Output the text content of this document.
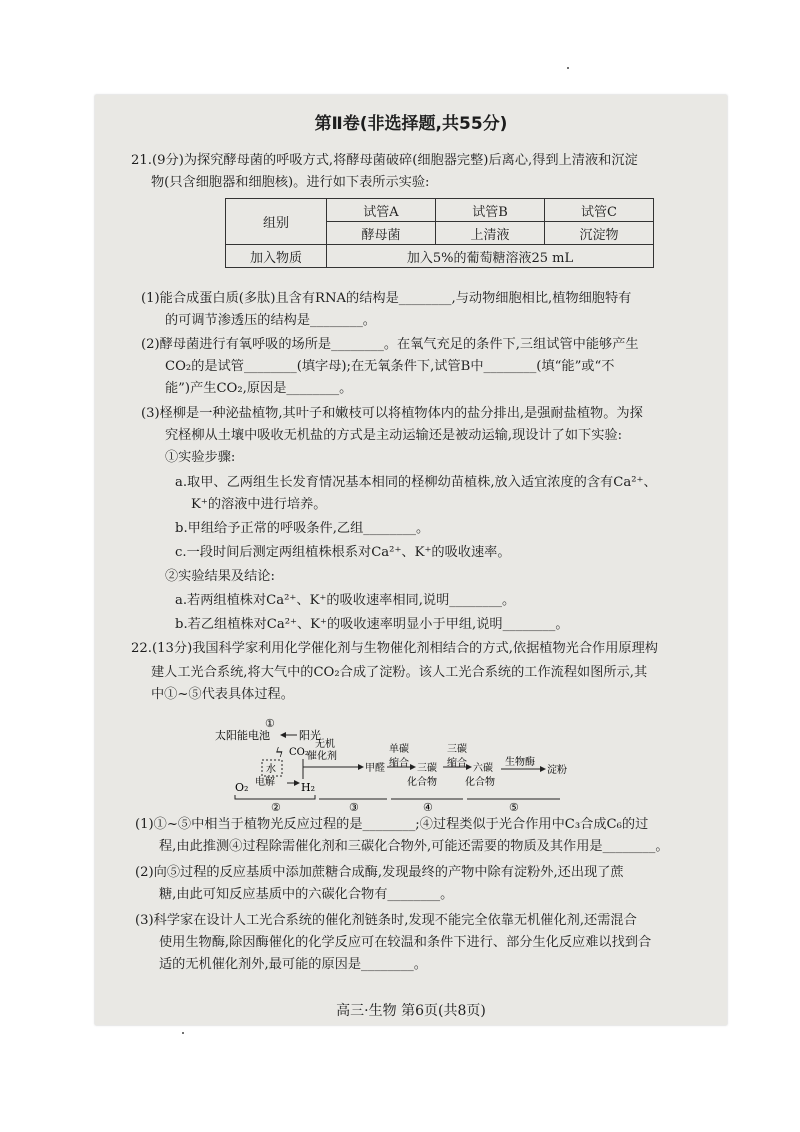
第Ⅱ卷(非选择题,共55分)
21.(9分)为探究酵母菌的呼吸方式,将酵母菌破碎(细胞器完整)后离心,得到上清液和沉淀
物(只含细胞器和细胞核)。进行如下表所示实验:
组别	试管A	试管B	试管C
	酵母菌	上清液	沉淀物
加入物质	加入5%的葡萄糖溶液25 mL		
(1)能合成蛋白质(多肽)且含有RNA的结构是________,与动物细胞相比,植物细胞特有
的可调节渗透压的结构是________。
(2)酵母菌进行有氧呼吸的场所是________。在氧气充足的条件下,三组试管中能够产生
CO₂的是试管________(填字母);在无氧条件下,试管B中________(填“能”或“不
能”)产生CO₂,原因是________。
(3)柽柳是一种泌盐植物,其叶子和嫩枝可以将植物体内的盐分排出,是强耐盐植物。为探
究柽柳从土壤中吸收无机盐的方式是主动运输还是被动运输,现设计了如下实验:
①实验步骤:
a.取甲、乙两组生长发育情况基本相同的柽柳幼苗植株,放入适宜浓度的含有Ca²⁺、
K⁺的溶液中进行培养。
b.甲组给予正常的呼吸条件,乙组________。
c.一段时间后测定两组植株根系对Ca²⁺、K⁺的吸收速率。
②实验结果及结论:
a.若两组植株对Ca²⁺、K⁺的吸收速率相同,说明________。
b.若乙组植株对Ca²⁺、K⁺的吸收速率明显小于甲组,说明________。
22.(13分)我国科学家利用化学催化剂与生物催化剂相结合的方式,依据植物光合作用原理构
建人工光合系统,将大气中的CO₂合成了淀粉。该人工光合系统的工作流程如图所示,其
中①~⑤代表具体过程。
①
太阳能电池	阳光
ϟ CO₂
无机
催化剂
水
O₂ 电解 H₂
甲醛
单碳
缩合 三碳
化合物
三碳
缩合 六碳
化合物
生物酶
淀粉
②	③	④	⑤
(1)①~⑤中相当于植物光反应过程的是________;④过程类似于光合作用中C₃合成C₆的过
程,由此推测④过程除需催化剂和三碳化合物外,可能还需要的物质及其作用是________。
(2)向⑤过程的反应基质中添加蔗糖合成酶,发现最终的产物中除有淀粉外,还出现了蔗
糖,由此可知反应基质中的六碳化合物有________。
(3)科学家在设计人工光合系统的催化剂链条时,发现不能完全依靠无机催化剂,还需混合
使用生物酶,除因酶催化的化学反应可在较温和条件下进行、部分生化反应难以找到合
适的无机催化剂外,最可能的原因是________。
高三·生物 第6页(共8页)
